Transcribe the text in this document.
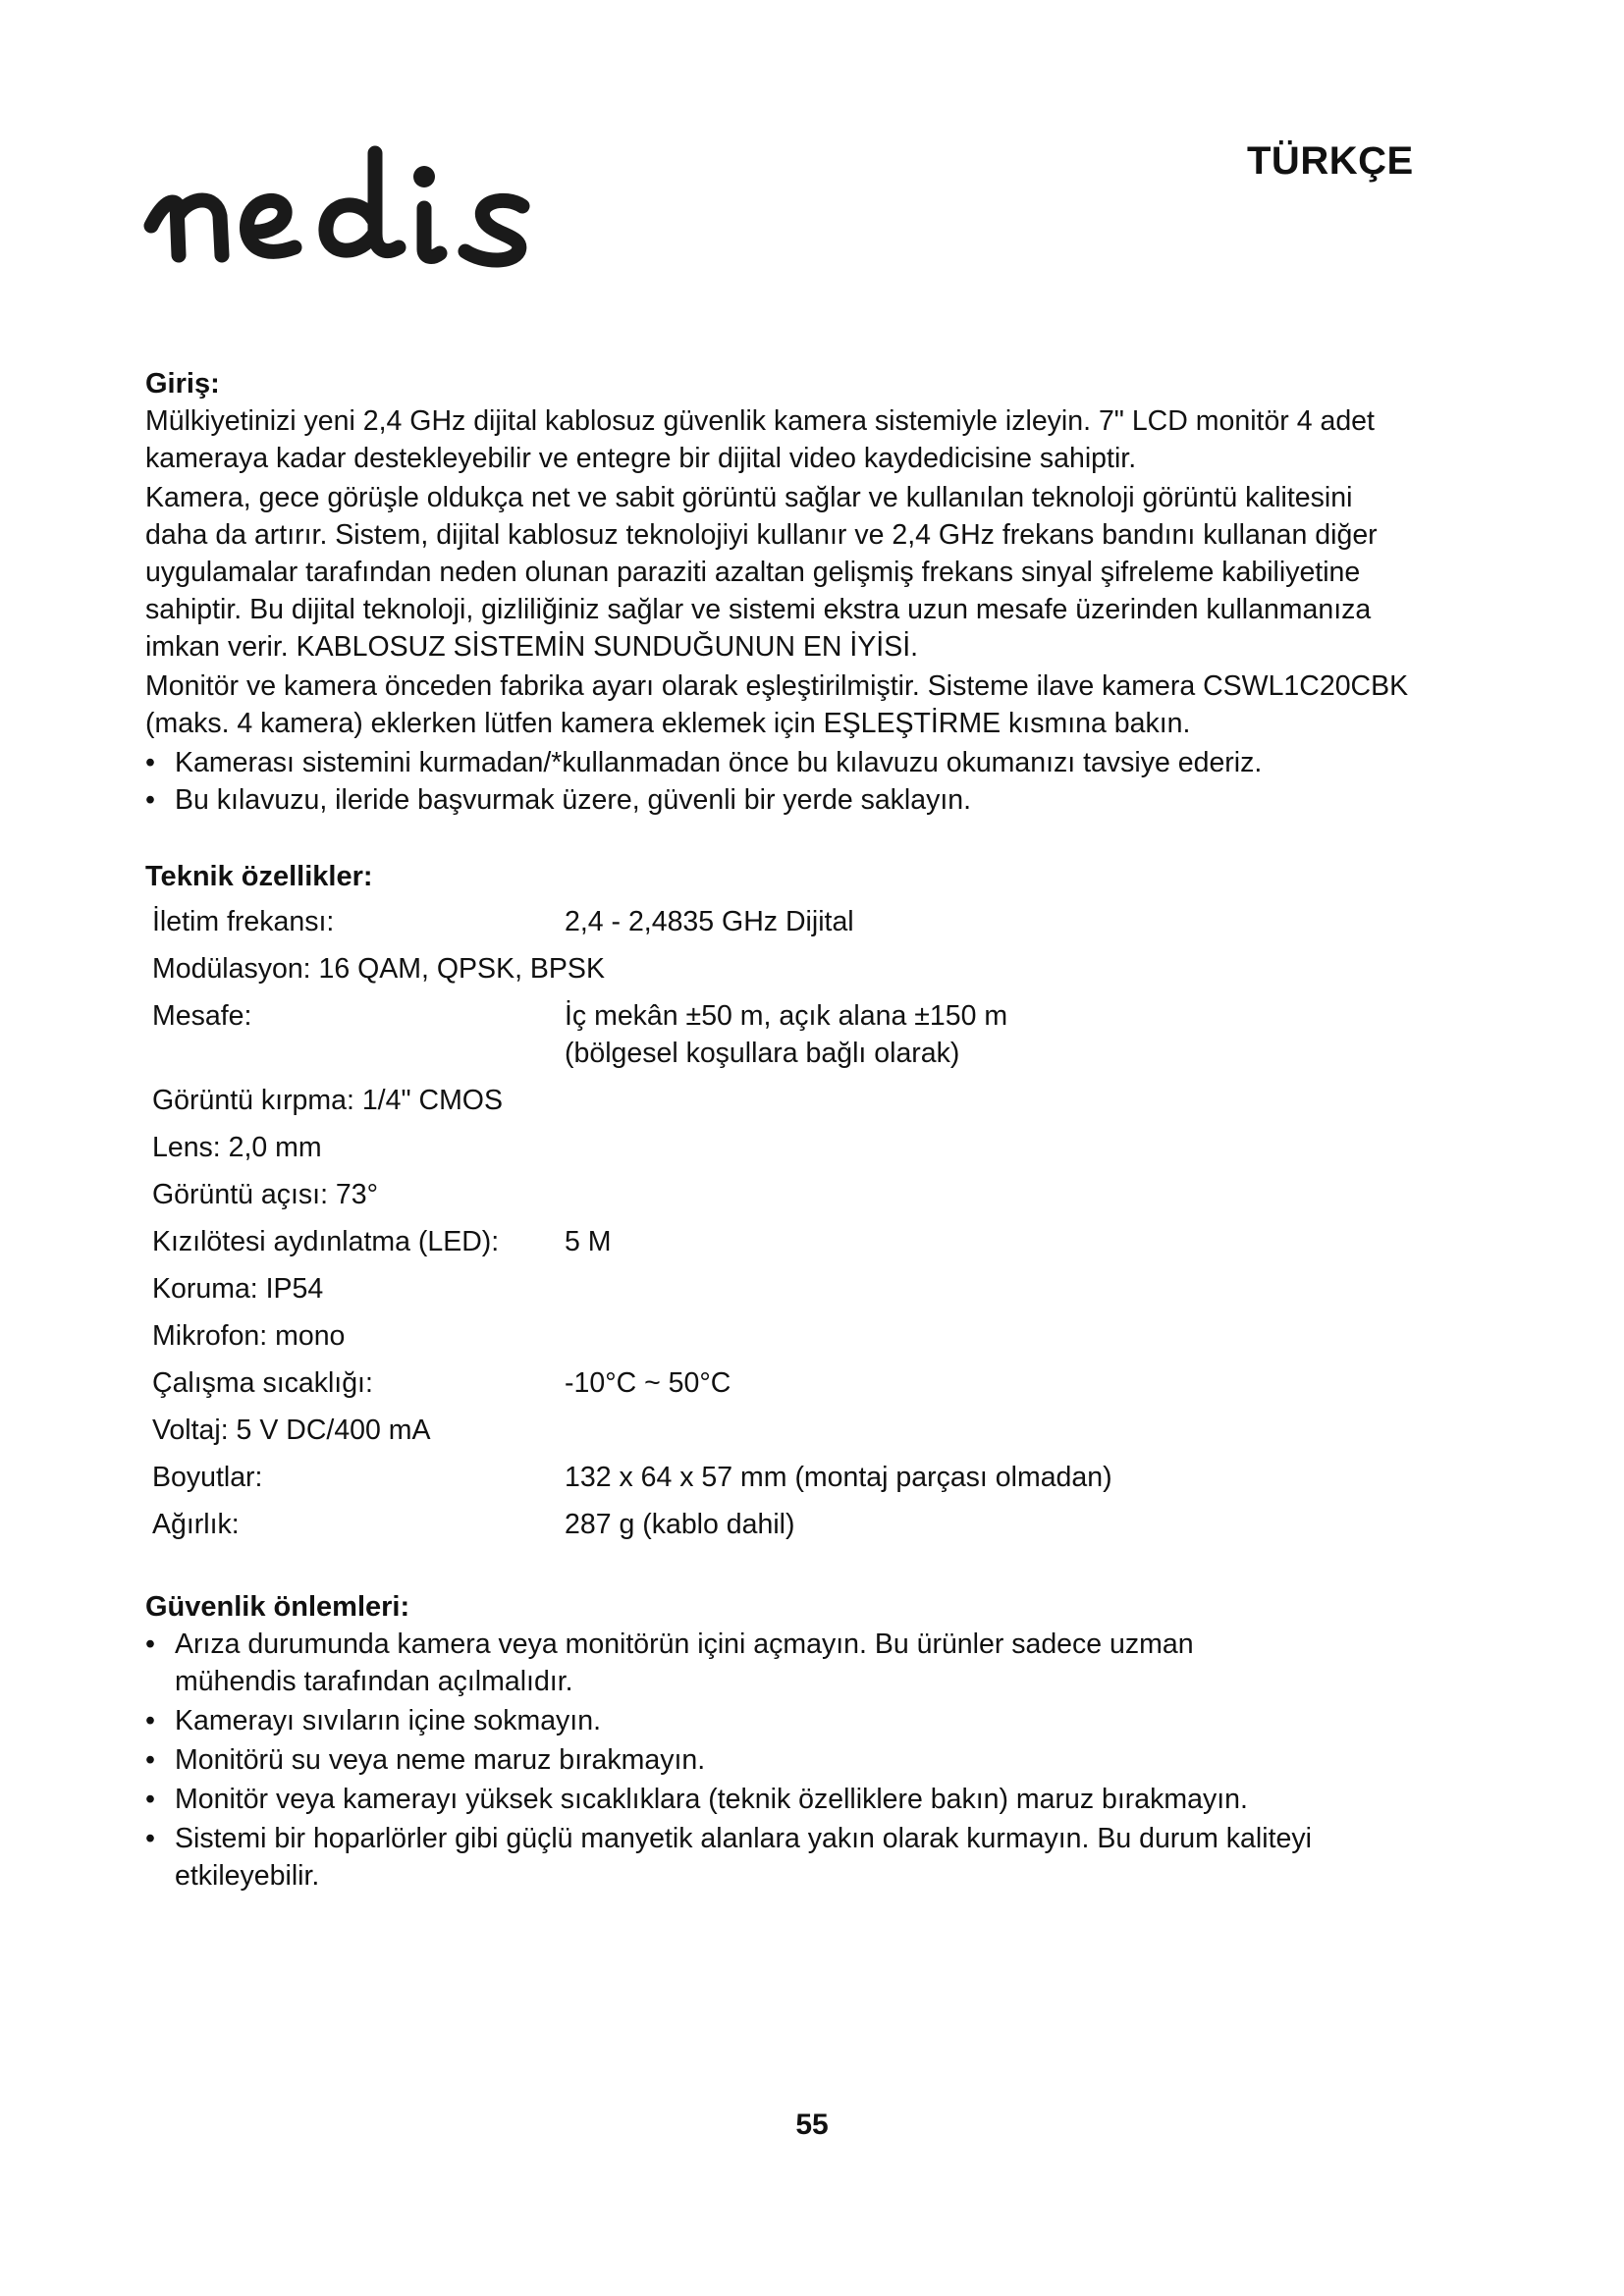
TÜRKÇE
Giriş:

Mülkiyetinizi yeni 2,4 GHz dijital kablosuz güvenlik kamera sistemiyle izleyin. 7" LCD monitör 4 adet kameraya kadar destekleyebilir ve entegre bir dijital video kaydedicisine sahiptir.

Kamera, gece görüşle oldukça net ve sabit görüntü sağlar ve kullanılan teknoloji görüntü kalitesini daha da artırır. Sistem, dijital kablosuz teknolojiyi kullanır ve 2,4 GHz frekans bandını kullanan diğer uygulamalar tarafından neden olunan paraziti azaltan gelişmiş frekans sinyal şifreleme kabiliyetine sahiptir. Bu dijital teknoloji, gizliliğiniz sağlar ve sistemi ekstra uzun mesafe üzerinden kullanmanıza imkan verir. KABLOSUZ SİSTEMİN SUNDUĞUNUN EN İYİSİ.

Monitör ve kamera önceden fabrika ayarı olarak eşleştirilmiştir. Sisteme ilave kamera CSWL1C20CBK (maks. 4 kamera) eklerken lütfen kamera eklemek için EŞLEŞTİRME kısmına bakın.

• Kamerası sistemini kurmadan/*kullanmadan önce bu kılavuzu okumanızı tavsiye ederiz.
• Bu kılavuzu, ileride başvurmak üzere, güvenli bir yerde saklayın.
Teknik özellikler:
İletim frekansı:	2,4 - 2,4835 GHz Dijital
Modülasyon: 16 QAM, QPSK, BPSK
Mesafe:	İç mekân ±50 m, açık alana ±150 m (bölgesel koşullara bağlı olarak)
Görüntü kırpma: 1/4" CMOS
Lens: 2,0 mm
Görüntü açısı: 73°
Kızılötesi aydınlatma (LED):	5 M
Koruma: IP54
Mikrofon: mono
Çalışma sıcaklığı:	-10°C ~ 50°C
Voltaj: 5 V DC/400 mA
Boyutlar:	132 x 64 x 57 mm (montaj parçası olmadan)
Ağırlık:	287 g (kablo dahil)
Güvenlik önlemleri:
• Arıza durumunda kamera veya monitörün içini açmayın. Bu ürünler sadece uzman mühendis tarafından açılmalıdır.
• Kamerayı sıvıların içine sokmayın.
• Monitörü su veya neme maruz bırakmayın.
• Monitör veya kamerayı yüksek sıcaklıklara (teknik özelliklere bakın) maruz bırakmayın.
• Sistemi bir hoparlörler gibi güçlü manyetik alanlara yakın olarak kurmayın. Bu durum kaliteyi etkileyebilir.
55
